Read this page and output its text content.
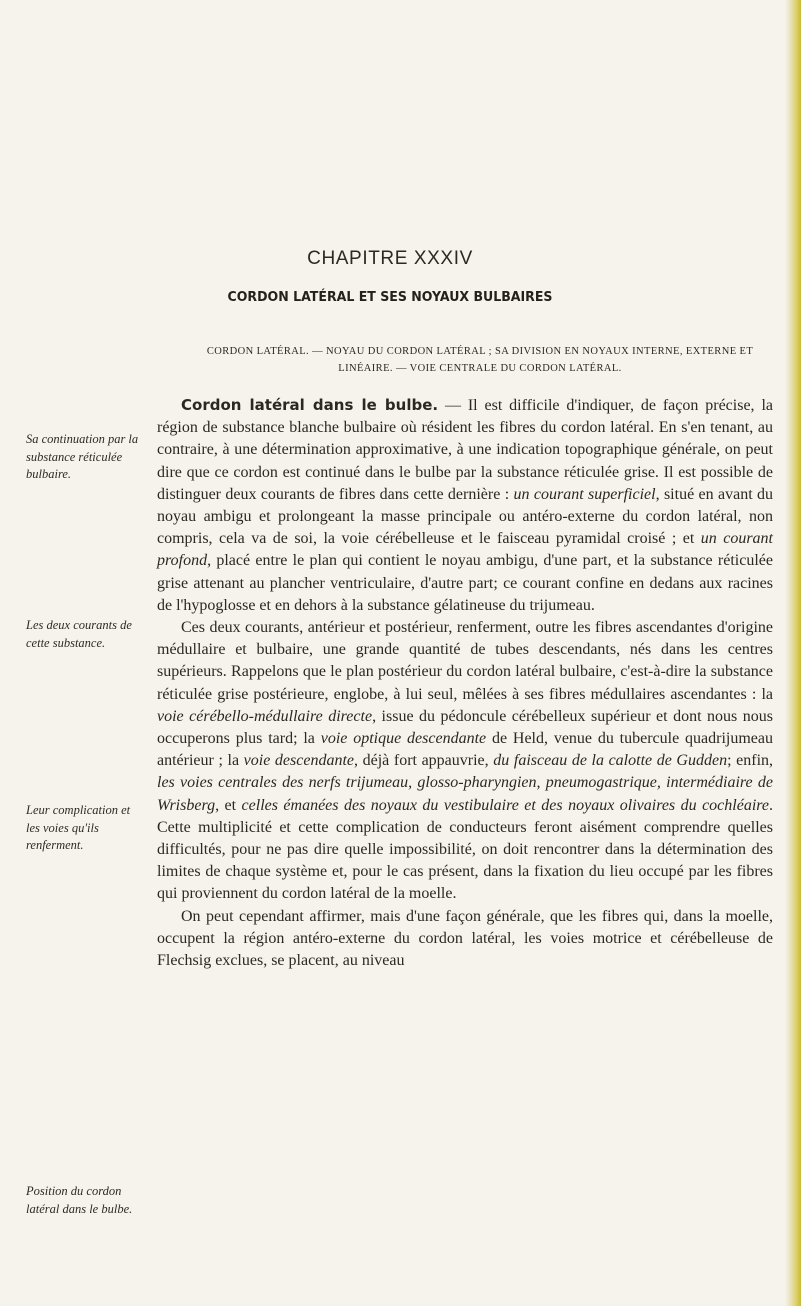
CHAPITRE XXXIV
CORDON LATÉRAL ET SES NOYAUX BULBAIRES
CORDON LATÉRAL. — NOYAU DU CORDON LATÉRAL ; SA DIVISION EN NOYAUX INTERNE, EXTERNE ET LINÉAIRE. — VOIE CENTRALE DU CORDON LATÉRAL.
Sa continuation par la substance réticulée bulbaire.
Les deux courants de cette substance.
Leur complication et les voies qu'ils renferment.
Position du cordon latéral dans le bulbe.

Cordon latéral dans le bulbe. — Il est difficile d'indiquer, de façon précise, la région de substance blanche bulbaire où résident les fibres du cordon latéral. En s'en tenant, au contraire, à une détermination approximative, à une indication topographique générale, on peut dire que ce cordon est continué dans le bulbe par la substance réticulée grise. Il est possible de distinguer deux courants de fibres dans cette dernière : un courant superficiel, situé en avant du noyau ambigu et prolongeant la masse principale ou antéro-externe du cordon latéral, non compris, cela va de soi, la voie cérébelleuse et le faisceau pyramidal croisé ; et un courant profond, placé entre le plan qui contient le noyau ambigu, d'une part, et la substance réticulée grise attenant au plancher ventriculaire, d'autre part; ce courant confine en dedans aux racines de l'hypoglosse et en dehors à la substance gélatineuse du trijumeau.

Ces deux courants, antérieur et postérieur, renferment, outre les fibres ascendantes d'origine médullaire et bulbaire, une grande quantité de tubes descendants, nés dans les centres supérieurs. Rappelons que le plan postérieur du cordon latéral bulbaire, c'est-à-dire la substance réticulée grise postérieure, englobe, à lui seul, mêlées à ses fibres médullaires ascendantes : la voie cérébello-médullaire directe, issue du pédoncule cérébelleux supérieur et dont nous nous occuperons plus tard; la voie optique descendante de Held, venue du tubercule quadrijumeau antérieur ; la voie descendante, déjà fort appauvrie, du faisceau de la calotte de Gudden; enfin, les voies centrales des nerfs trijumeau, glosso-pharyngien, pneumogastrique, intermédiaire de Wrisberg, et celles émanées des noyaux du vestibulaire et des noyaux olivaires du cochléaire. Cette multiplicité et cette complication de conducteurs feront aisément comprendre quelles difficultés, pour ne pas dire quelle impossibilité, on doit rencontrer dans la détermination des limites de chaque système et, pour le cas présent, dans la fixation du lieu occupé par les fibres qui proviennent du cordon latéral de la moelle.

On peut cependant affirmer, mais d'une façon générale, que les fibres qui, dans la moelle, occupent la région antéro-externe du cordon latéral, les voies motrice et cérébelleuse de Flechsig exclues, se placent, au niveau
